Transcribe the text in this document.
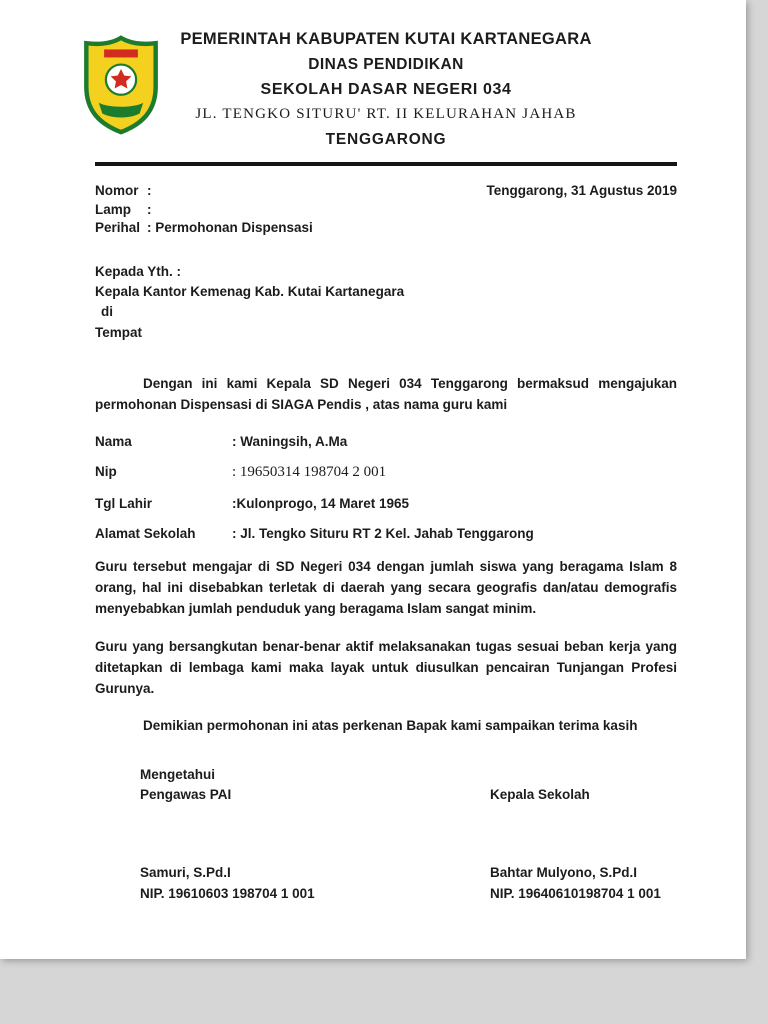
PEMERINTAH KABUPATEN KUTAI KARTANEGARA
DINAS PENDIDIKAN
SEKOLAH DASAR NEGERI 034
JL. TENGKO SITURU' RT. II KELURAHAN JAHAB
TENGGARONG
Nomor :	Tenggarong, 31 Agustus 2019
Lamp	:
Perihal : Permohonan Dispensasi
Kepada Yth. :
Kepala Kantor Kemenag Kab. Kutai Kartanegara
di
Tempat
Dengan ini kami Kepala SD Negeri 034 Tenggarong bermaksud mengajukan permohonan Dispensasi di SIAGA Pendis , atas nama guru kami
Nama	: Waningsih, A.Ma
Nip	: 19650314 198704 2 001
Tgl Lahir	:Kulonprogo, 14 Maret 1965
Alamat Sekolah	: Jl. Tengko Situru RT 2 Kel. Jahab Tenggarong
Guru tersebut mengajar di SD Negeri 034 dengan jumlah siswa yang beragama Islam 8 orang, hal ini disebabkan terletak di daerah yang secara geografis dan/atau demografis menyebabkan jumlah penduduk yang beragama Islam sangat minim.
Guru yang bersangkutan benar-benar aktif melaksanakan tugas sesuai beban kerja yang ditetapkan di lembaga kami maka layak untuk diusulkan pencairan Tunjangan Profesi Gurunya.
Demikian permohonan ini atas perkenan Bapak kami sampaikan terima kasih
Mengetahui
Pengawas PAI
Samuri, S.Pd.I
NIP. 19610603 198704 1 001
Kepala Sekolah
Bahtar Mulyono, S.Pd.I
NIP. 19640610198704 1 001
